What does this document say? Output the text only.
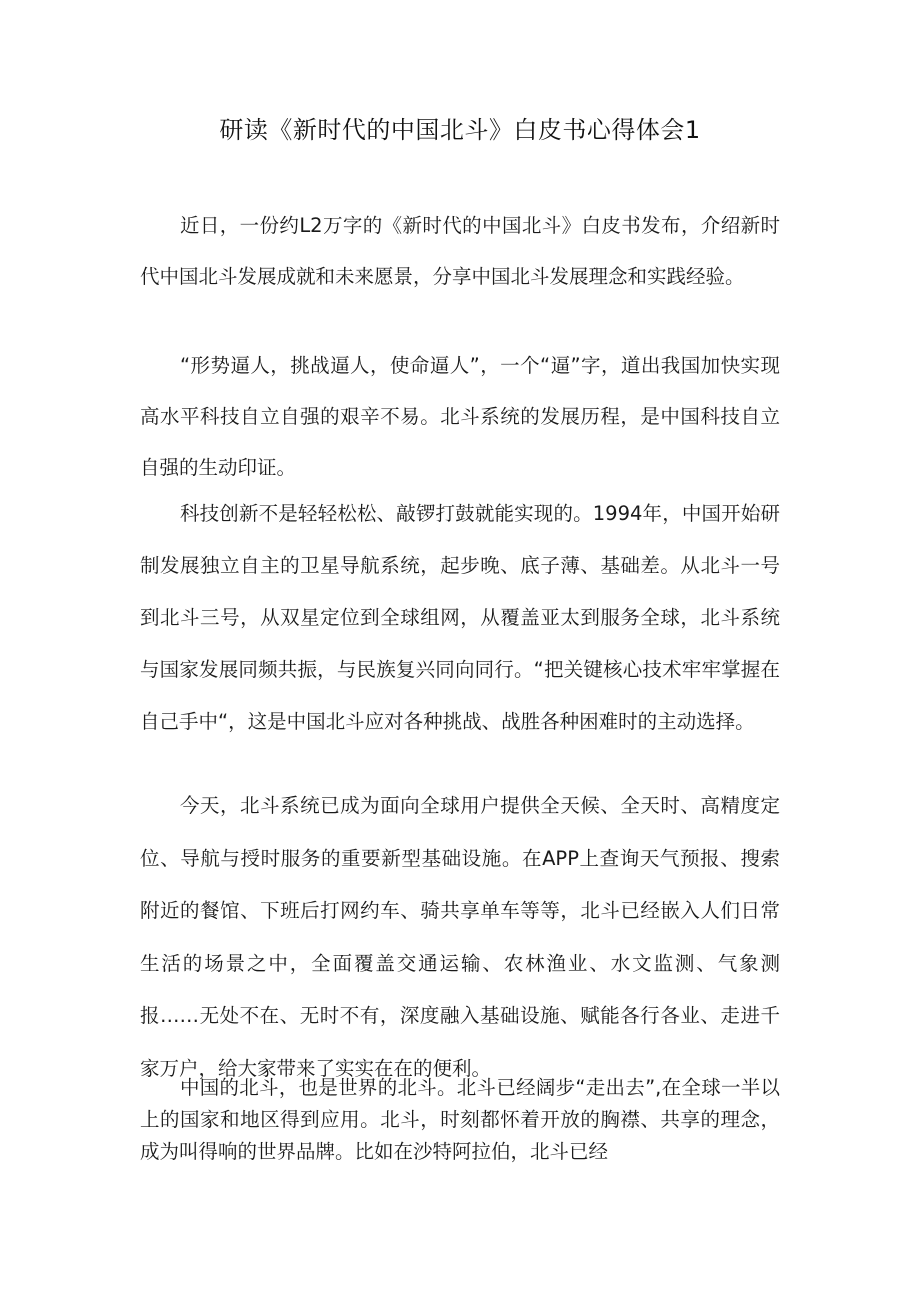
研读《新时代的中国北斗》白皮书心得体会1

近日，一份约L2万字的《新时代的中国北斗》白皮书发布，介绍新时代中国北斗发展成就和未来愿景，分享中国北斗发展理念和实践经验。

“形势逼人，挑战逼人，使命逼人”，一个“逼”字，道出我国加快实现高水平科技自立自强的艰辛不易。北斗系统的发展历程，是中国科技自立自强的生动印证。

科技创新不是轻轻松松、敲锣打鼓就能实现的。1994年，中国开始研制发展独立自主的卫星导航系统，起步晚、底子薄、基础差。从北斗一号到北斗三号，从双星定位到全球组网，从覆盖亚太到服务全球，北斗系统与国家发展同频共振，与民族复兴同向同行。“把关键核心技术牢牢掌握在自己手中“，这是中国北斗应对各种挑战、战胜各种困难时的主动选择。

今天，北斗系统已成为面向全球用户提供全天候、全天时、高精度定位、导航与授时服务的重要新型基础设施。在APP上查询天气预报、搜索附近的餐馆、下班后打网约车、骑共享单车等等，北斗已经嵌入人们日常生活的场景之中，全面覆盖交通运输、农林渔业、水文监测、气象测报……无处不在、无时不有，深度融入基础设施、赋能各行各业、走进千家万户，给大家带来了实实在在的便利。

中国的北斗，也是世界的北斗。北斗已经阔步“走出去”,在全球一半以上的国家和地区得到应用。北斗，时刻都怀着开放的胸襟、共享的理念，成为叫得响的世界品牌。比如在沙特阿拉伯，北斗已经
